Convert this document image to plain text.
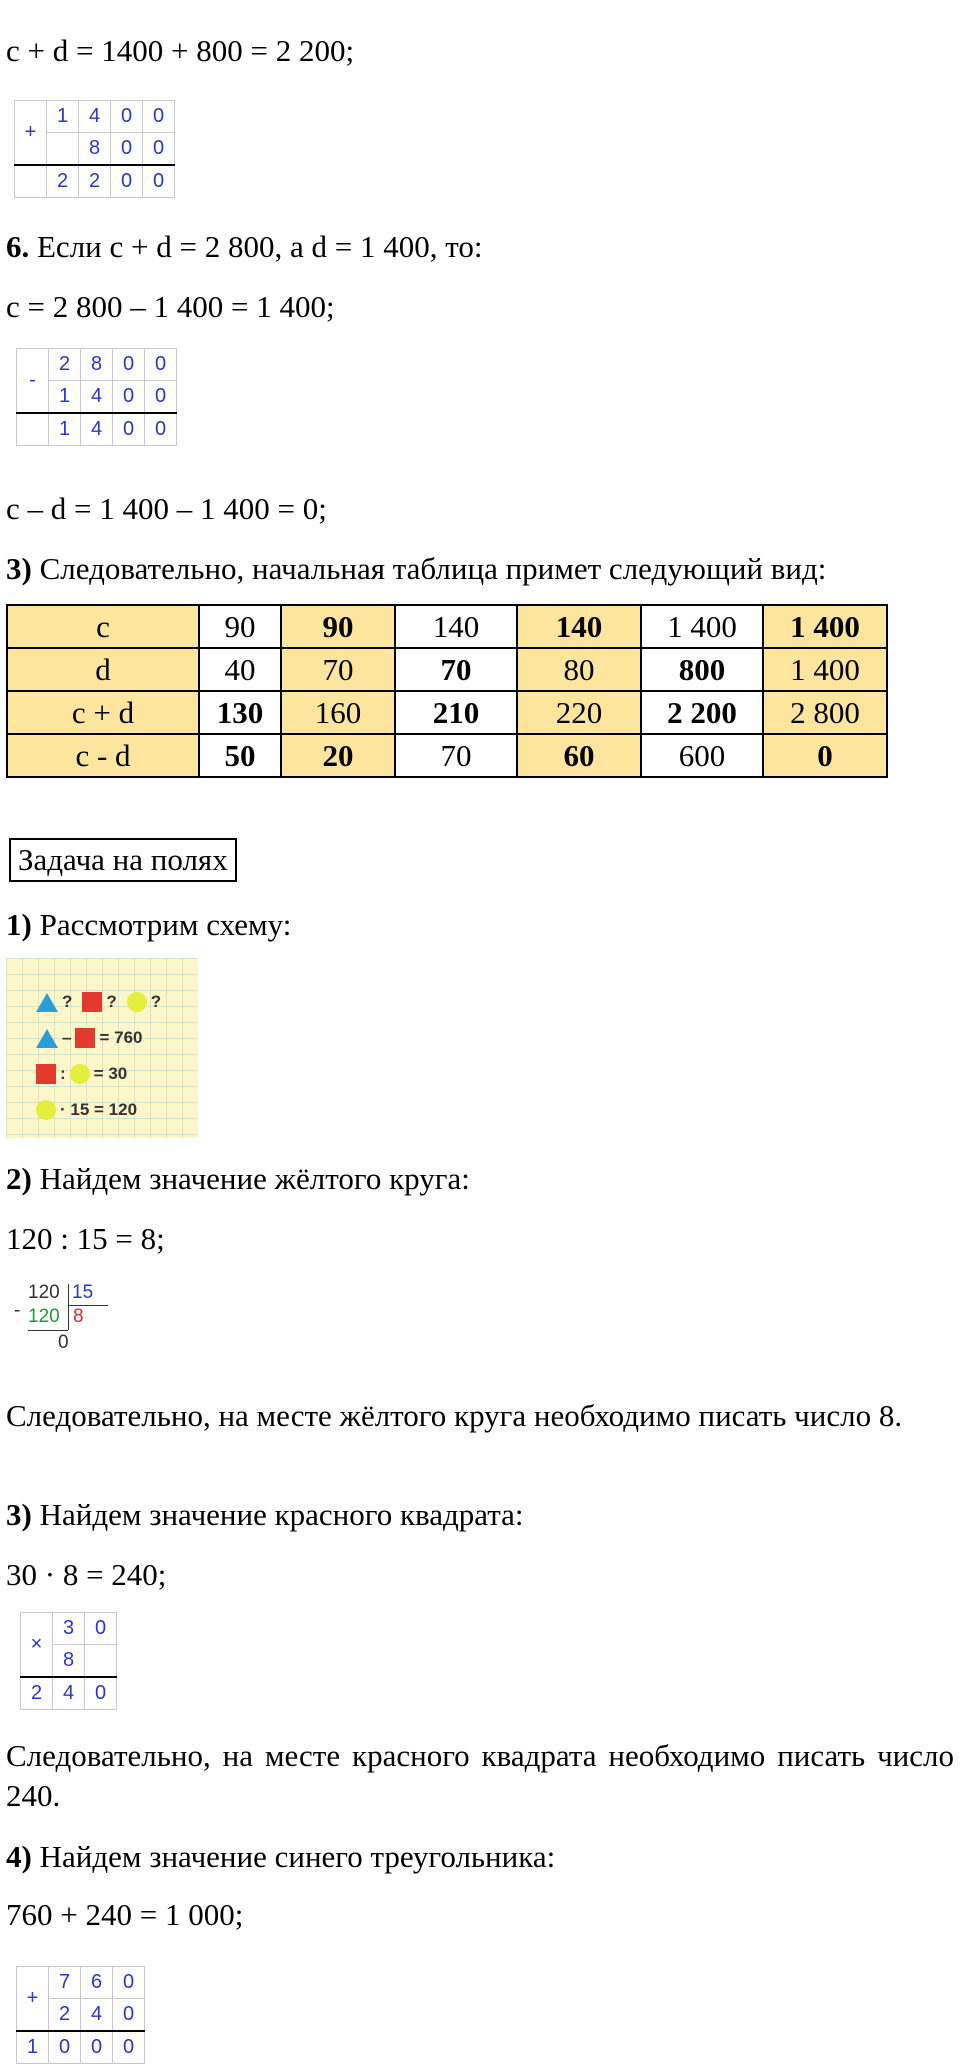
c + d = 1400 + 800 = 2 200;
+	1	4	0	0
		8	0	0
	2	2	0	0
6. Если с + d = 2 800, а d = 1 400, то:
с = 2 800 – 1 400 = 1 400;
-	2	8	0	0
	1	4	0	0
	1	4	0	0
с – d = 1 400 – 1 400 = 0;
3) Следовательно, начальная таблица примет следующий вид:
c	90	90	140	140	1 400	1 400
d	40	70	70	80	800	1 400
c + d	130	160	210	220	2 200	2 800
c - d	50	20	70	60	600	0
Задача на полях
1) Рассмотрим схему:
? ? ?
– = 760
: = 30
· 15 = 120
2) Найдем значение жёлтого круга:
120 : 15 = 8;
-
120 15
120 8
0
Следовательно, на месте жёлтого круга необходимо писать число 8.
3) Найдем значение красного квадрата:
30 · 8 = 240;
×	3	0
	8	
2	4	0
Следовательно, на месте красного квадрата необходимо писать число 240.
4) Найдем значение синего треугольника:
760 + 240 = 1 000;
+	7	6	0
	2	4	0
1	0	0	0
